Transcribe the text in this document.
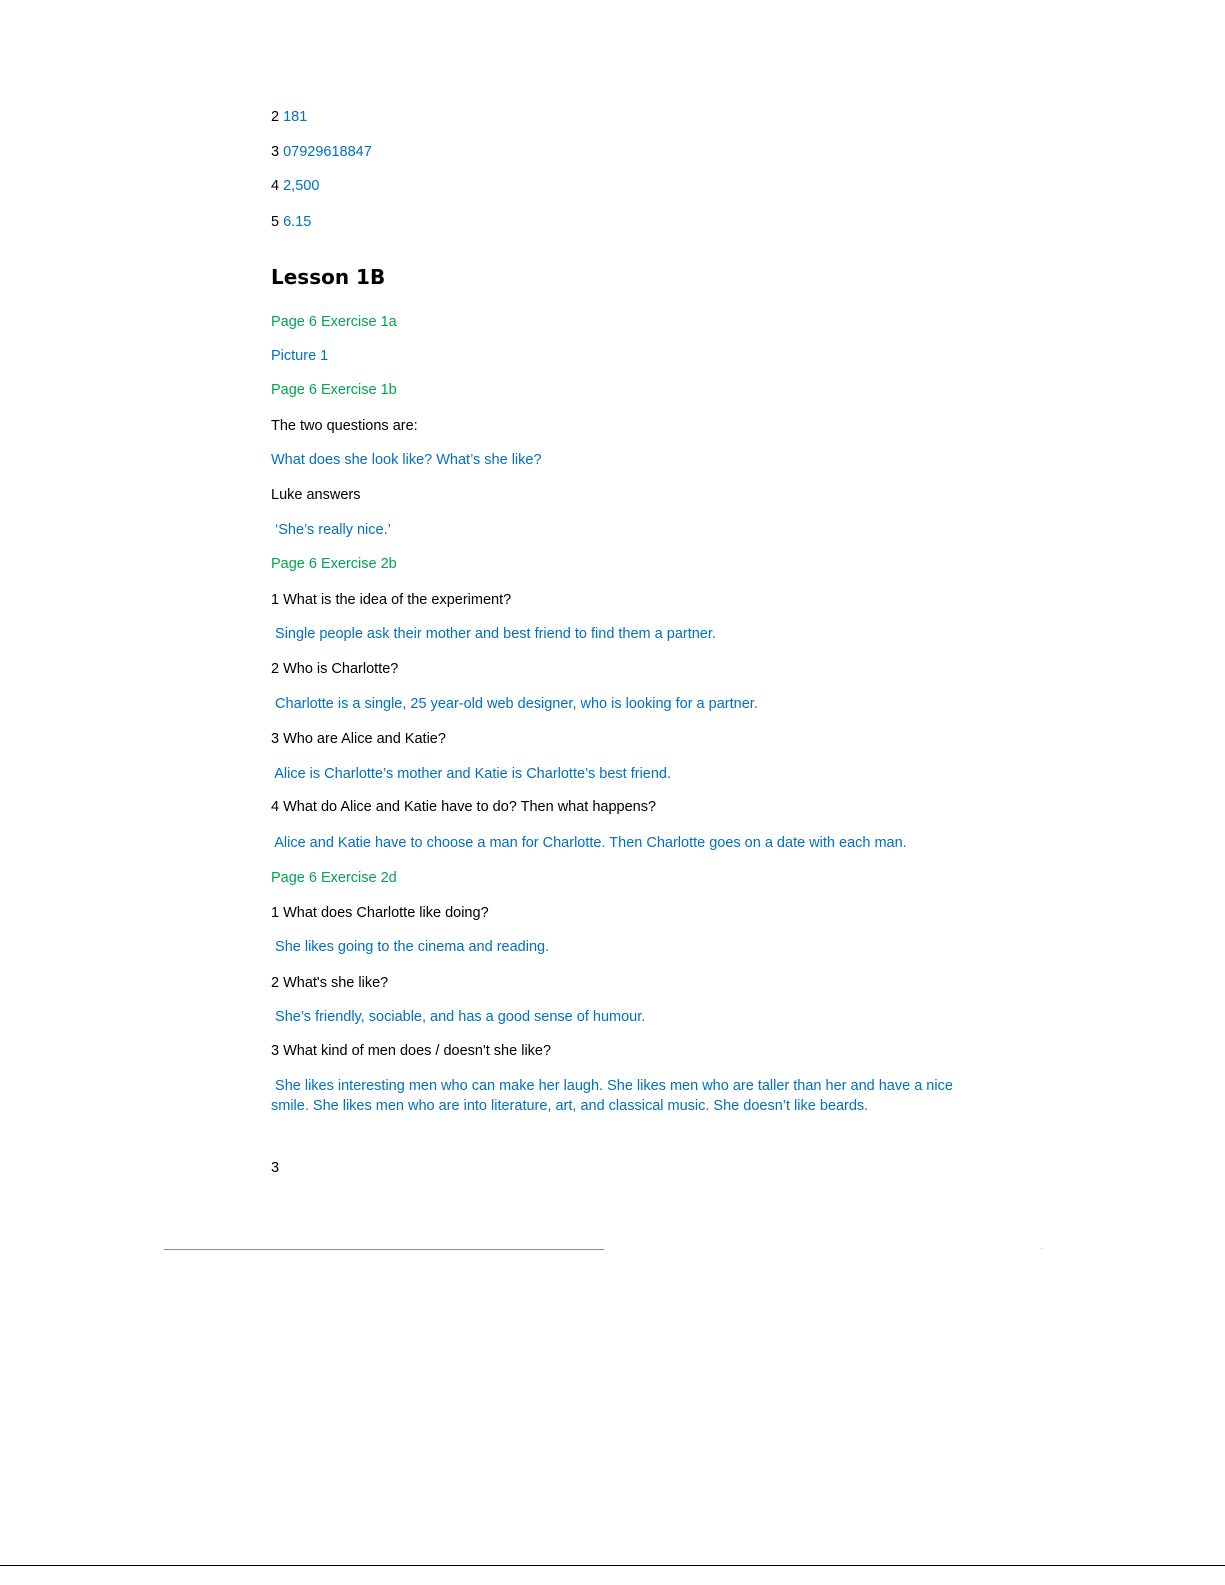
2 181
3 07929618847
4 2,500
5 6.15
Lesson 1B
Page 6 Exercise 1a
Picture 1
Page 6 Exercise 1b
The two questions are:
What does she look like? What’s she like?
Luke answers
‘She’s really nice.’
Page 6 Exercise 2b
1 What is the idea of the experiment?
Single people ask their mother and best friend to find them a partner.
2 Who is Charlotte?
Charlotte is a single, 25 year-old web designer, who is looking for a partner.
3 Who are Alice and Katie?
Alice is Charlotte’s mother and Katie is Charlotte’s best friend.
4 What do Alice and Katie have to do? Then what happens?
Alice and Katie have to choose a man for Charlotte. Then Charlotte goes on a date with each man.
Page 6 Exercise 2d
1 What does Charlotte like doing?
She likes going to the cinema and reading.
2 What's she like?
She’s friendly, sociable, and has a good sense of humour.
3 What kind of men does / doesn't she like?
She likes interesting men who can make her laugh. She likes men who are taller than her and have a nice smile. She likes men who are into literature, art, and classical music. She doesn’t like beards.
3
..
